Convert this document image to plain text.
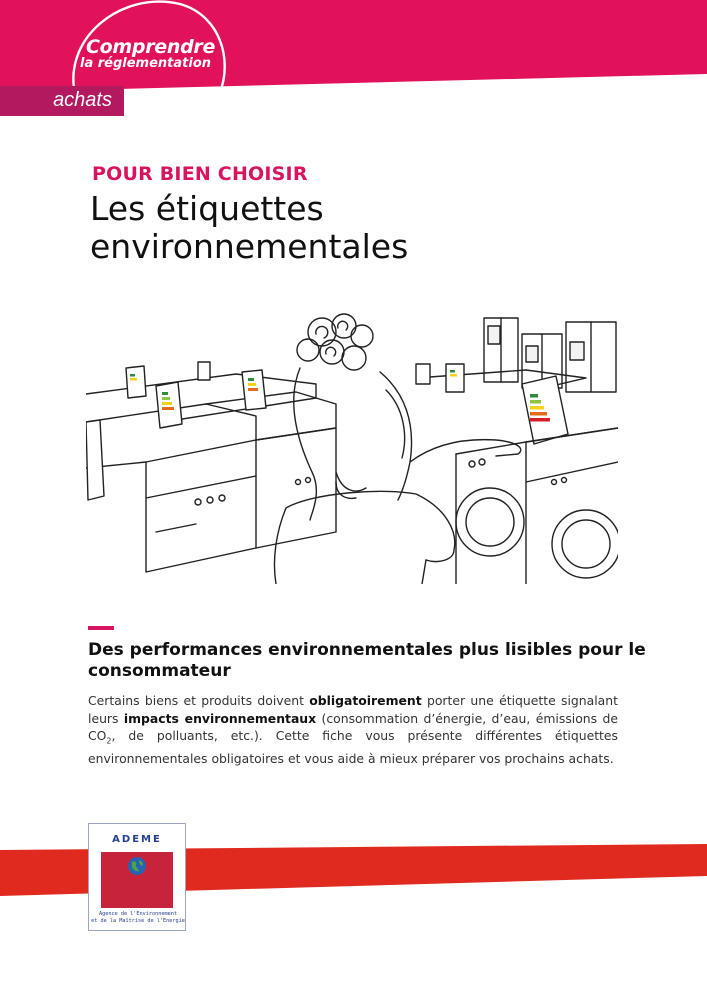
Comprendre

la réglementation

achats
POUR BIEN CHOISIR
Les étiquettes environnementales
Des performances environnementales plus lisibles pour le consommateur

Certains biens et produits doivent obligatoirement porter une étiquette signalant leurs impacts environnementaux (consommation d’énergie, d’eau, émissions de $CO_2$, de polluants, etc.). Cette fiche vous présente différentes étiquettes environnementales obligatoires et vous aide à mieux préparer vos prochains achats.

ADEME

Agence de l'Environnement
et de la Maîtrise de l'Energie
